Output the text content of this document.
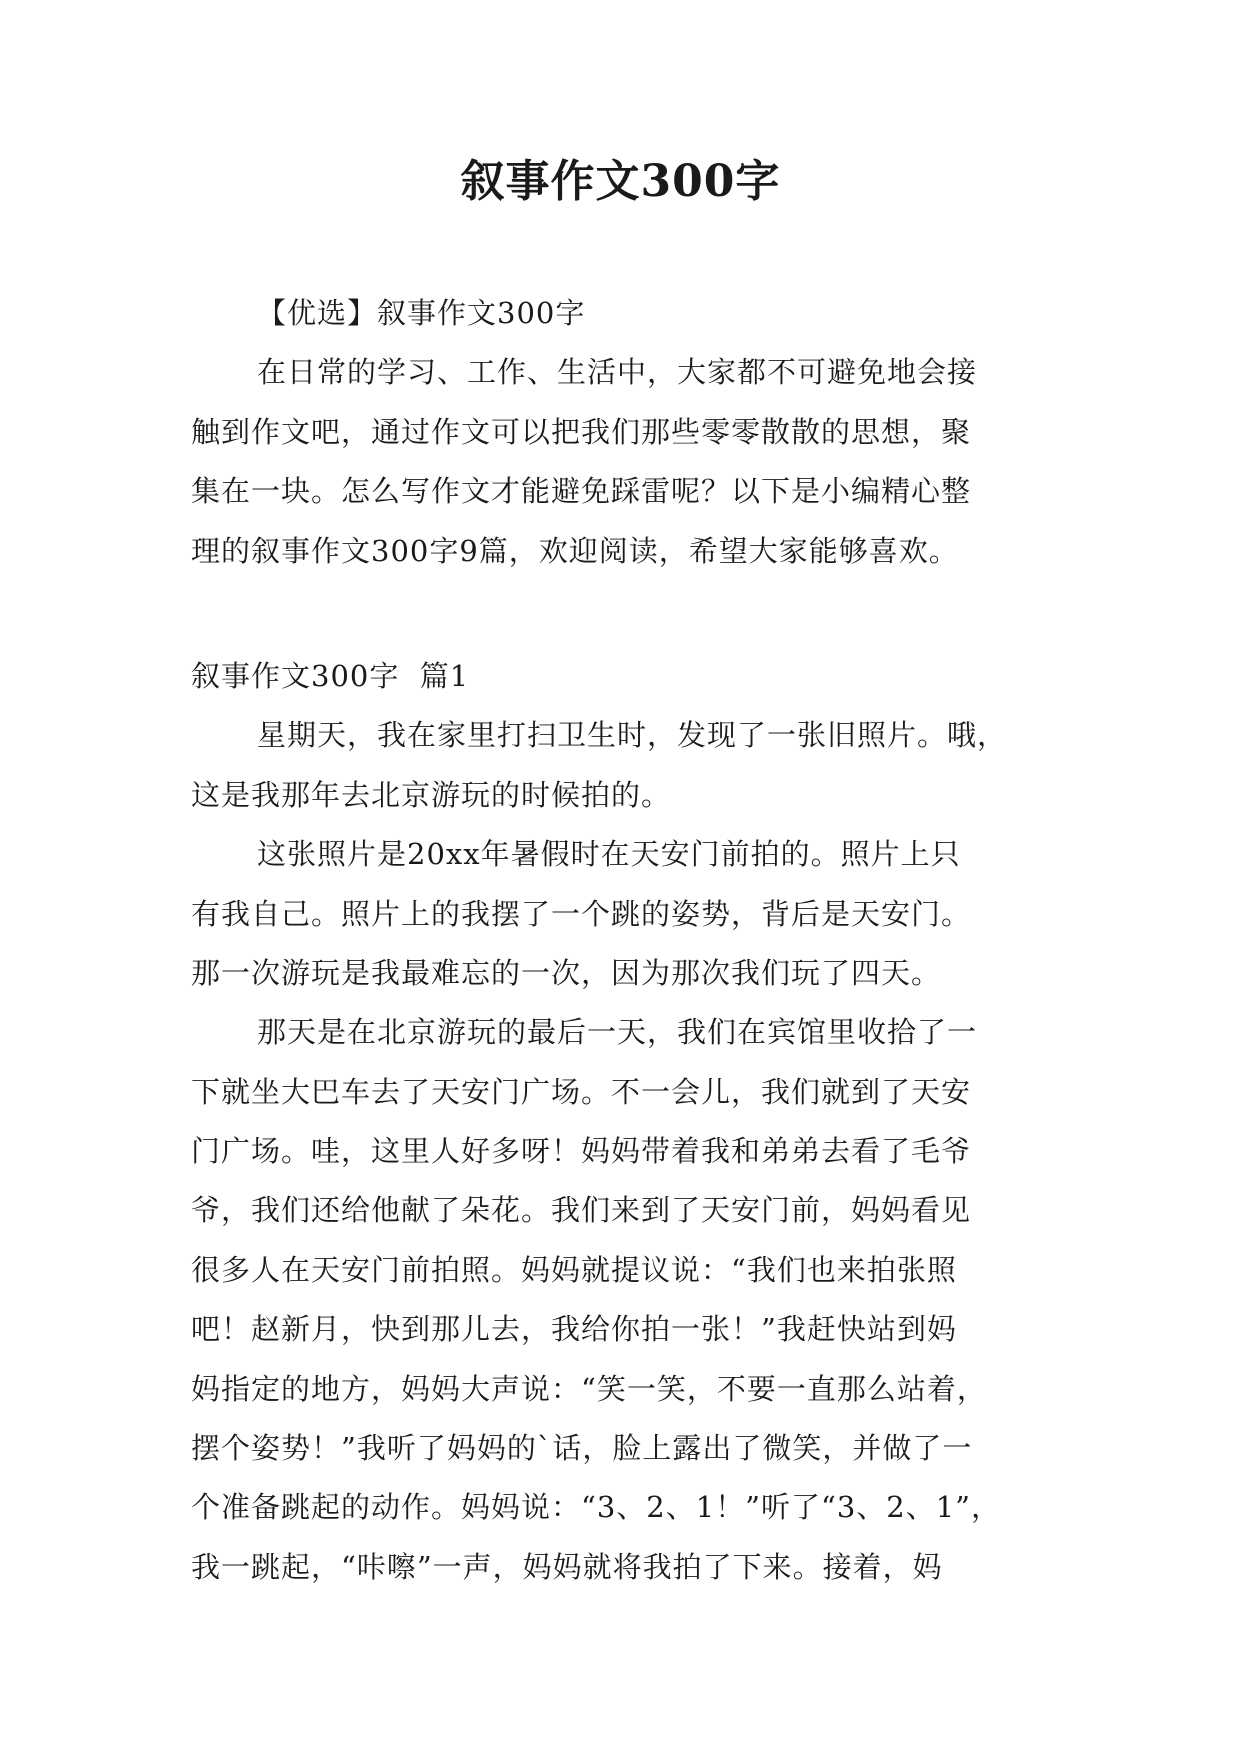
叙事作文300字
【优选】叙事作文300字
在日常的学习、工作、生活中，大家都不可避免地会接
触到作文吧，通过作文可以把我们那些零零散散的思想，聚
集在一块。怎么写作文才能避免踩雷呢？以下是小编精心整
理的叙事作文300字9篇，欢迎阅读，希望大家能够喜欢。
叙事作文300字  篇1
星期天，我在家里打扫卫生时，发现了一张旧照片。哦，
这是我那年去北京游玩的时候拍的。
这张照片是20xx年暑假时在天安门前拍的。照片上只
有我自己。照片上的我摆了一个跳的姿势，背后是天安门。
那一次游玩是我最难忘的一次，因为那次我们玩了四天。
那天是在北京游玩的最后一天，我们在宾馆里收拾了一
下就坐大巴车去了天安门广场。不一会儿，我们就到了天安
门广场。哇，这里人好多呀！妈妈带着我和弟弟去看了毛爷
爷，我们还给他献了朵花。我们来到了天安门前，妈妈看见
很多人在天安门前拍照。妈妈就提议说：“我们也来拍张照
吧！赵新月，快到那儿去，我给你拍一张！”我赶快站到妈
妈指定的地方，妈妈大声说：“笑一笑，不要一直那么站着，
摆个姿势！”我听了妈妈的`话，脸上露出了微笑，并做了一
个准备跳起的动作。妈妈说：“3、2、1！”听了“3、2、1”，
我一跳起，“咔嚓”一声，妈妈就将我拍了下来。接着，妈
